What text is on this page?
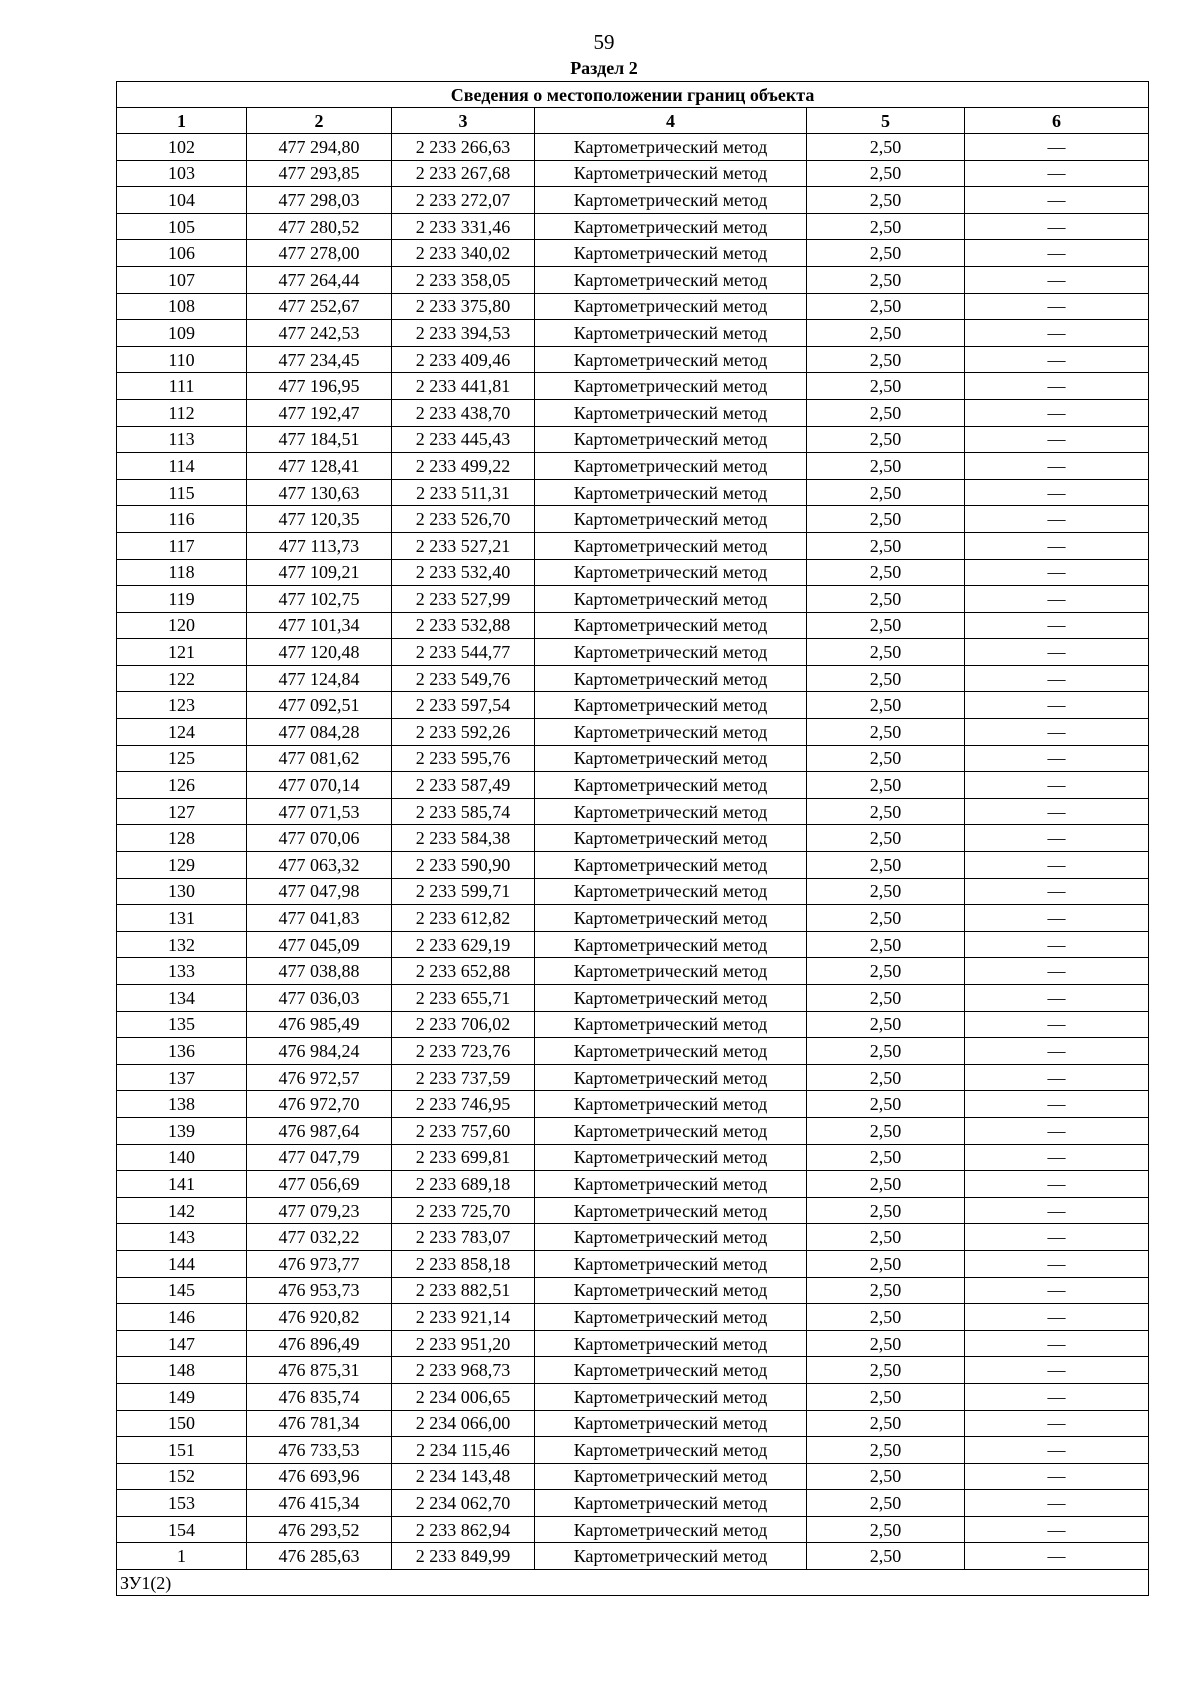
59
Раздел 2
Сведения о местоположении границ объекта					
1	2	3	4	5	6
102	477 294,80	2 233 266,63	Картометрический метод	2,50	—
103	477 293,85	2 233 267,68	Картометрический метод	2,50	—
104	477 298,03	2 233 272,07	Картометрический метод	2,50	—
105	477 280,52	2 233 331,46	Картометрический метод	2,50	—
106	477 278,00	2 233 340,02	Картометрический метод	2,50	—
107	477 264,44	2 233 358,05	Картометрический метод	2,50	—
108	477 252,67	2 233 375,80	Картометрический метод	2,50	—
109	477 242,53	2 233 394,53	Картометрический метод	2,50	—
110	477 234,45	2 233 409,46	Картометрический метод	2,50	—
111	477 196,95	2 233 441,81	Картометрический метод	2,50	—
112	477 192,47	2 233 438,70	Картометрический метод	2,50	—
113	477 184,51	2 233 445,43	Картометрический метод	2,50	—
114	477 128,41	2 233 499,22	Картометрический метод	2,50	—
115	477 130,63	2 233 511,31	Картометрический метод	2,50	—
116	477 120,35	2 233 526,70	Картометрический метод	2,50	—
117	477 113,73	2 233 527,21	Картометрический метод	2,50	—
118	477 109,21	2 233 532,40	Картометрический метод	2,50	—
119	477 102,75	2 233 527,99	Картометрический метод	2,50	—
120	477 101,34	2 233 532,88	Картометрический метод	2,50	—
121	477 120,48	2 233 544,77	Картометрический метод	2,50	—
122	477 124,84	2 233 549,76	Картометрический метод	2,50	—
123	477 092,51	2 233 597,54	Картометрический метод	2,50	—
124	477 084,28	2 233 592,26	Картометрический метод	2,50	—
125	477 081,62	2 233 595,76	Картометрический метод	2,50	—
126	477 070,14	2 233 587,49	Картометрический метод	2,50	—
127	477 071,53	2 233 585,74	Картометрический метод	2,50	—
128	477 070,06	2 233 584,38	Картометрический метод	2,50	—
129	477 063,32	2 233 590,90	Картометрический метод	2,50	—
130	477 047,98	2 233 599,71	Картометрический метод	2,50	—
131	477 041,83	2 233 612,82	Картометрический метод	2,50	—
132	477 045,09	2 233 629,19	Картометрический метод	2,50	—
133	477 038,88	2 233 652,88	Картометрический метод	2,50	—
134	477 036,03	2 233 655,71	Картометрический метод	2,50	—
135	476 985,49	2 233 706,02	Картометрический метод	2,50	—
136	476 984,24	2 233 723,76	Картометрический метод	2,50	—
137	476 972,57	2 233 737,59	Картометрический метод	2,50	—
138	476 972,70	2 233 746,95	Картометрический метод	2,50	—
139	476 987,64	2 233 757,60	Картометрический метод	2,50	—
140	477 047,79	2 233 699,81	Картометрический метод	2,50	—
141	477 056,69	2 233 689,18	Картометрический метод	2,50	—
142	477 079,23	2 233 725,70	Картометрический метод	2,50	—
143	477 032,22	2 233 783,07	Картометрический метод	2,50	—
144	476 973,77	2 233 858,18	Картометрический метод	2,50	—
145	476 953,73	2 233 882,51	Картометрический метод	2,50	—
146	476 920,82	2 233 921,14	Картометрический метод	2,50	—
147	476 896,49	2 233 951,20	Картометрический метод	2,50	—
148	476 875,31	2 233 968,73	Картометрический метод	2,50	—
149	476 835,74	2 234 006,65	Картометрический метод	2,50	—
150	476 781,34	2 234 066,00	Картометрический метод	2,50	—
151	476 733,53	2 234 115,46	Картометрический метод	2,50	—
152	476 693,96	2 234 143,48	Картометрический метод	2,50	—
153	476 415,34	2 234 062,70	Картометрический метод	2,50	—
154	476 293,52	2 233 862,94	Картометрический метод	2,50	—
1	476 285,63	2 233 849,99	Картометрический метод	2,50	—
ЗУ1(2)					
